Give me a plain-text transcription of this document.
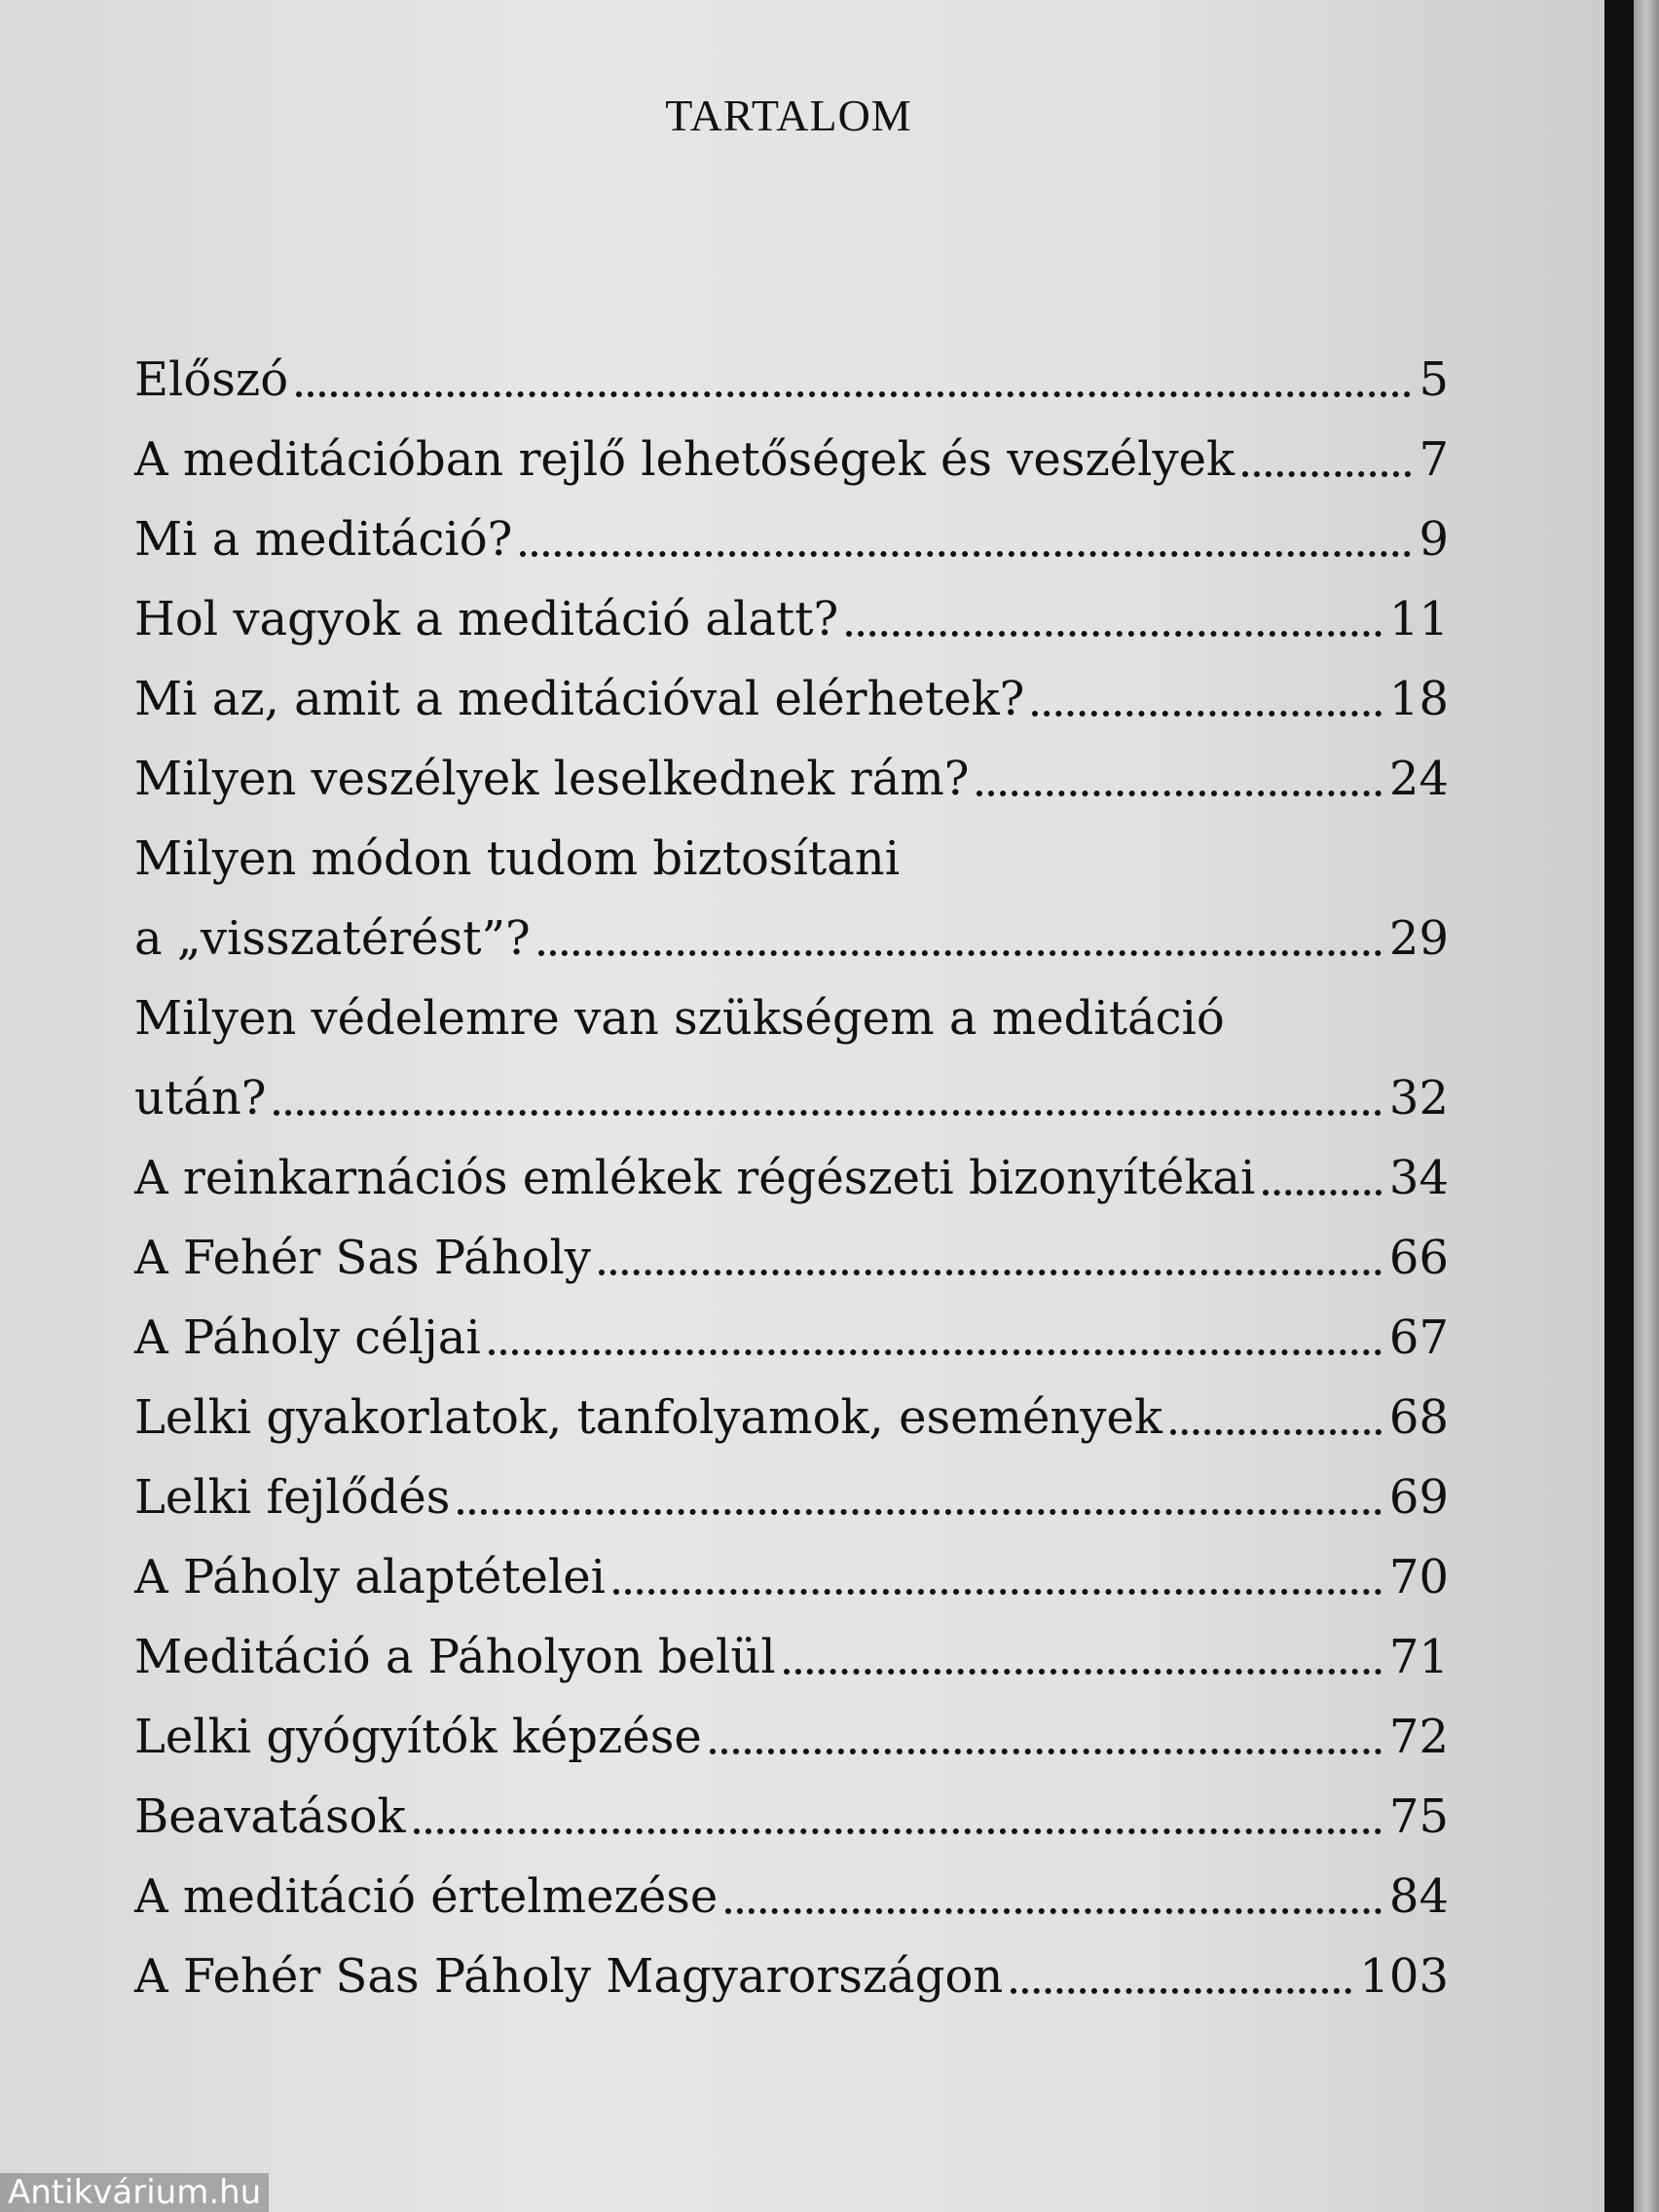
TARTALOM
Előszó	5
A meditációban rejlő lehetőségek és veszélyek	7
Mi a meditáció?	9
Hol vagyok a meditáció alatt?	11
Mi az, amit a meditációval elérhetek?	18
Milyen veszélyek leselkednek rám?	24
Milyen módon tudom biztosítani
a „visszatérést”?	29
Milyen védelemre van szükségem a meditáció
után?	32
A reinkarnációs emlékek régészeti bizonyítékai	34
A Fehér Sas Páholy	66
A Páholy céljai	67
Lelki gyakorlatok, tanfolyamok, események	68
Lelki fejlődés	69
A Páholy alaptételei	70
Meditáció a Páholyon belül	71
Lelki gyógyítók képzése	72
Beavatások	75
A meditáció értelmezése	84
A Fehér Sas Páholy Magyarországon	103
Antikvárium.hu
